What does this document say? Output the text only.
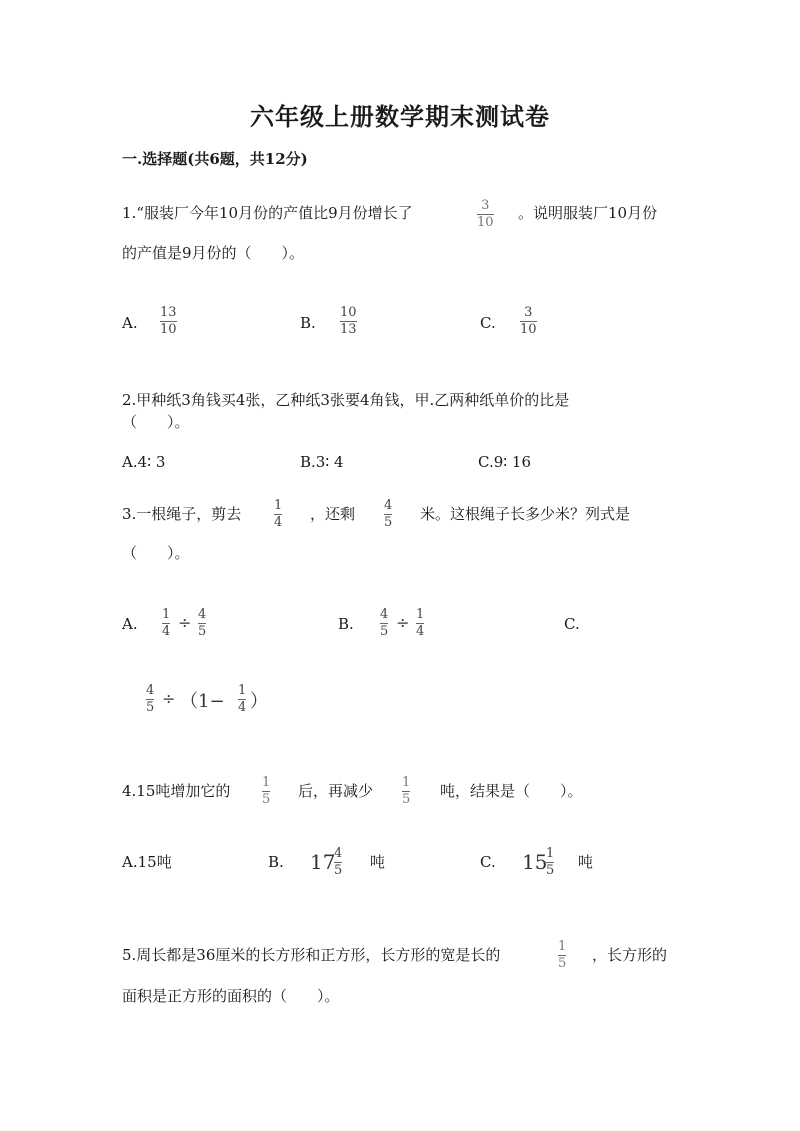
六年级上册数学期末测试卷
一.选择题(共6题，共12分)
1.“服装厂今年10月份的产值比9月份增长了	3
10
。说明服装厂10月份
的产值是9月份的（　　）。
A.
13
10	B.
10
13	C.
3
10
2.甲种纸3角钱买4张，乙种纸3张要4角钱，甲.乙两种纸单价的比是
（　　）。
A.4∶ 3	B.3∶ 4	C.9∶ 16
3.一根绳子，剪去	1
4 ，还剩 4
5 米。这根绳子长多少米？列式是
（　　）。
A.
1
4 ÷ 4
5	B.
4
5 ÷ 1
4	C.
4
5 ÷ （1−
1
4 ）
4.15吨增加它的 1
5 后，再减少 1
5 吨，结果是（　　）。
A.15吨	B. 17
4
5 吨	C. 15
1
5 吨
5.周长都是36厘米的长方形和正方形，长方形的宽是长的	1
5 ，长方形的
面积是正方形的面积的（　　）。
